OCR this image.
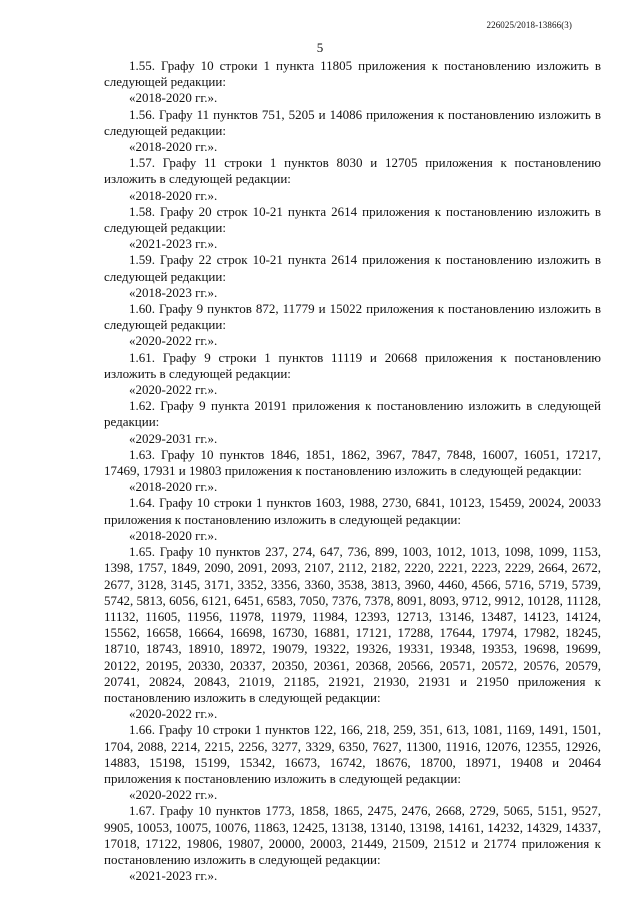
226025/2018-13866(3)
5

1.55. Графу 10 строки 1 пункта 11805 приложения к постановлению изложить в следующей редакции:

«2018-2020 гг.».

1.56. Графу 11 пунктов 751, 5205 и 14086 приложения к постановлению изложить в следующей редакции:

«2018-2020 гг.».

1.57. Графу 11 строки 1 пунктов 8030 и 12705 приложения к постановлению изложить в следующей редакции:

«2018-2020 гг.».

1.58. Графу 20 строк 10-21 пункта 2614 приложения к постановлению изложить в следующей редакции:

«2021-2023 гг.».

1.59. Графу 22 строк 10-21 пункта 2614 приложения к постановлению изложить в следующей редакции:

«2018-2023 гг.».

1.60. Графу 9 пунктов 872, 11779 и 15022 приложения к постановлению изложить в следующей редакции:

«2020-2022 гг.».

1.61. Графу 9 строки 1 пунктов 11119 и 20668 приложения к постановлению изложить в следующей редакции:

«2020-2022 гг.».

1.62. Графу 9 пункта 20191 приложения к постановлению изложить в следующей редакции:

«2029-2031 гг.».

1.63. Графу 10 пунктов 1846, 1851, 1862, 3967, 7847, 7848, 16007, 16051, 17217, 17469, 17931 и 19803 приложения к постановлению изложить в следующей редакции:

«2018-2020 гг.».

1.64. Графу 10 строки 1 пунктов 1603, 1988, 2730, 6841, 10123, 15459, 20024, 20033 приложения к постановлению изложить в следующей редакции:

«2018-2020 гг.».

1.65. Графу 10 пунктов 237, 274, 647, 736, 899, 1003, 1012, 1013, 1098, 1099, 1153, 1398, 1757, 1849, 2090, 2091, 2093, 2107, 2112, 2182, 2220, 2221, 2223, 2229, 2664, 2672, 2677, 3128, 3145, 3171, 3352, 3356, 3360, 3538, 3813, 3960, 4460, 4566, 5716, 5719, 5739, 5742, 5813, 6056, 6121, 6451, 6583, 7050, 7376, 7378, 8091, 8093, 9712, 9912, 10128, 11128, 11132, 11605, 11956, 11978, 11979, 11984, 12393, 12713, 13146, 13487, 14123, 14124, 15562, 16658, 16664, 16698, 16730, 16881, 17121, 17288, 17644, 17974, 17982, 18245, 18710, 18743, 18910, 18972, 19079, 19322, 19326, 19331, 19348, 19353, 19698, 19699, 20122, 20195, 20330, 20337, 20350, 20361, 20368, 20566, 20571, 20572, 20576, 20579, 20741, 20824, 20843, 21019, 21185, 21921, 21930, 21931 и 21950 приложения к постановлению изложить в следующей редакции:

«2020-2022 гг.».

1.66. Графу 10 строки 1 пунктов 122, 166, 218, 259, 351, 613, 1081, 1169, 1491, 1501, 1704, 2088, 2214, 2215, 2256, 3277, 3329, 6350, 7627, 11300, 11916, 12076, 12355, 12926, 14883, 15198, 15199, 15342, 16673, 16742, 18676, 18700, 18971, 19408 и 20464 приложения к постановлению изложить в следующей редакции:

«2020-2022 гг.».

1.67. Графу 10 пунктов 1773, 1858, 1865, 2475, 2476, 2668, 2729, 5065, 5151, 9527, 9905, 10053, 10075, 10076, 11863, 12425, 13138, 13140, 13198, 14161, 14232, 14329, 14337, 17018, 17122, 19806, 19807, 20000, 20003, 21449, 21509, 21512 и 21774 приложения к постановлению изложить в следующей редакции:

«2021-2023 гг.».
